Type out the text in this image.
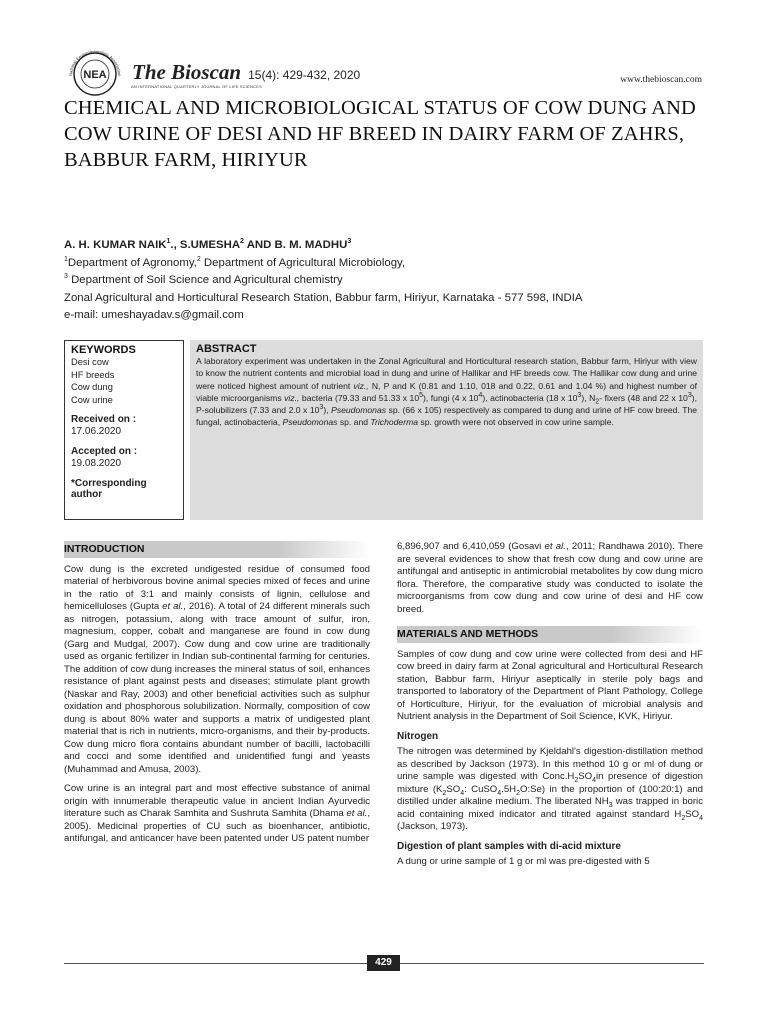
National Environmentalists Association
NEA The Bioscan 15(4): 429-432, 2020
AN INTERNATIONAL QUARTERLY JOURNAL OF LIFE SCIENCES
www.thebioscan.com
CHEMICAL AND MICROBIOLOGICAL STATUS OF COW DUNG AND COW URINE OF DESI AND HF BREED IN DAIRY FARM OF ZAHRS, BABBUR FARM, HIRIYUR
A. H. KUMAR NAIK$^1$., S.UMESHA$^2$ AND B. M. MADHU$^3$
$^1$Department of Agronomy,$^2$ Department of Agricultural Microbiology,
$^3$ Department of Soil Science and Agricultural chemistry
Zonal Agricultural and Horticultural Research Station, Babbur farm, Hiriyur, Karnataka - 577 598, INDIA
e-mail: umeshayadav.s@gmail.com
KEYWORDS
Desi cow
HF breeds
Cow dung
Cow urine
Received on :
17.06.2020
Accepted on :
19.08.2020
*Corresponding author
ABSTRACT
A laboratory experiment was undertaken in the Zonal Agricultural and Horticultural research station, Babbur farm, Hiriyur with view to know the nutrient contents and microbial load in dung and urine of Hallikar and HF breeds cow. The Hallikar cow dung and urine were noticed highest amount of nutrient viz., N, P and K (0.81 and 1.10, 018 and 0.22, 0.61 and 1.04 %) and highest number of viable microorganisms viz., bacteria (79.33 and 51.33 x $10^5$), fungi (4 x $10^4$), actinobacteria (18 x $10^3$), $N_2-$ fixers (48 and 22 x $10^3$), P-solubilizers (7.33 and 2.0 x $10^3$), Pseudomonas sp. (66 x 105) respectively as compared to dung and urine of HF cow breed. The fungal, actinobacteria, Pseudomonas sp. and Trichoderma sp. growth were not observed in cow urine sample.
INTRODUCTION

Cow dung is the excreted undigested residue of consumed food material of herbivorous bovine animal species mixed of feces and urine in the ratio of 3:1 and mainly consists of lignin, cellulose and hemicelluloses (Gupta et al., 2016). A total of 24 different minerals such as nitrogen, potassium, along with trace amount of sulfur, iron, magnesium, copper, cobalt and manganese are found in cow dung (Garg and Mudgal, 2007). Cow dung and cow urine are traditionally used as organic fertilizer in Indian sub-continental farming for centuries. The addition of cow dung increases the mineral status of soil, enhances resistance of plant against pests and diseases; stimulate plant growth (Naskar and Ray, 2003) and other beneficial activities such as sulphur oxidation and phosphorous solubilization. Normally, composition of cow dung is about 80% water and supports a matrix of undigested plant material that is rich in nutrients, micro-organisms, and their by-products. Cow dung micro flora contains abundant number of bacilli, lactobacilli and cocci and some identified and unidentified fungi and yeasts (Muhammad and Amusa, 2003).

Cow urine is an integral part and most effective substance of animal origin with innumerable therapeutic value in ancient Indian Ayurvedic literature such as Charak Samhita and Sushruta Samhita (Dhama et al., 2005). Medicinal properties of CU such as bioenhancer, antibiotic, antifungal, and anticancer have been patented under US patent number

6,896,907 and 6,410,059 (Gosavi et al., 2011; Randhawa 2010). There are several evidences to show that fresh cow dung and cow urine are antifungal and antiseptic in antimicrobial metabolites by cow dung micro flora. Therefore, the comparative study was conducted to isolate the microorganisms from cow dung and cow urine of desi and HF cow breed.

MATERIALS AND METHODS

Samples of cow dung and cow urine were collected from desi and HF cow breed in dairy farm at Zonal agricultural and Horticultural Research station, Babbur farm, Hiriyur aseptically in sterile poly bags and transported to laboratory of the Department of Plant Pathology, College of Horticulture, Hiriyur, for the evaluation of microbial analysis and Nutrient analysis in the Department of Soil Science, KVK, Hiriyur.

Nitrogen

The nitrogen was determined by Kjeldahl's digestion-distillation method as described by Jackson (1973). In this method 10 g or ml of dung or urine sample was digested with $Conc.H_2SO_4in$ presence of digestion mixture ($K_2SO_4$: $CuSO_4.5H_2O:Se$) in the proportion of (100:20:1) and distilled under alkaline medium. The liberated $NH_3$ was trapped in boric acid containing mixed indicator and titrated against standard $H_2SO_4$ (Jackson, 1973).

Digestion of plant samples with di-acid mixture

A dung or urine sample of 1 g or ml was pre-digested with 5

429
